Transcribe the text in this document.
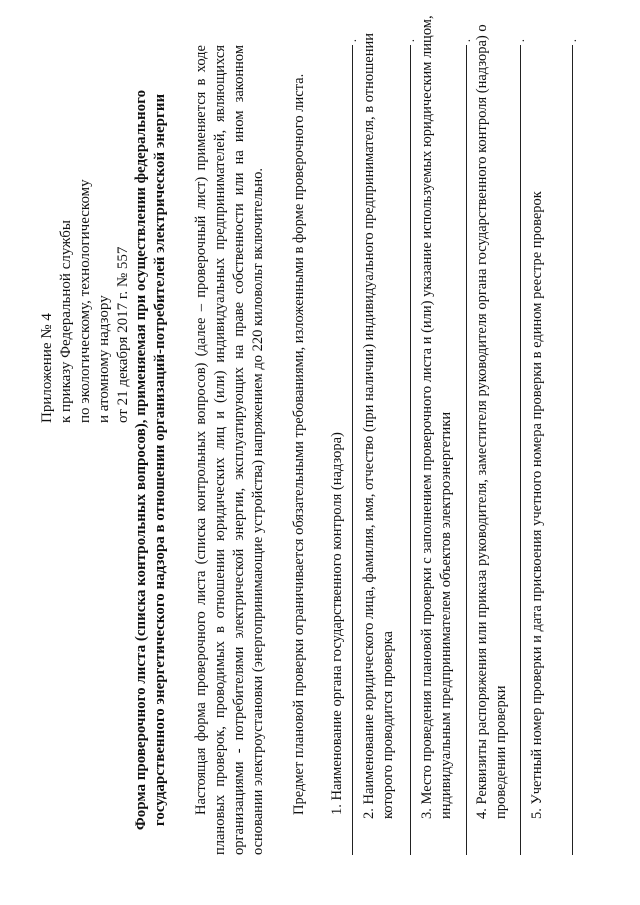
Приложение № 4 к приказу Федеральной службы по экологическому, технологическому и атомному надзору от 21 декабря 2017 г. № 557 Форма проверочного листа (списка контрольных вопросов), применяемая при осуществлении федерального государственного энергетического надзора в отношении организаций-потребителей электрической энергии Настоящая форма проверочного листа (списка контрольных вопросов) (далее – проверочный лист) применяется в ходе плановых проверок, проводимых в отношении юридических лиц и (или) индивидуальных предпринимателей, являющихся организациями - потребителями электрической энергии, эксплуатирующих на праве собственности или на ином законном основании электроустановки (энергопринимающие устройства) напряжением до 220 киловольт включительно. Предмет плановой проверки ограничивается обязательными требованиями, изложенными в форме проверочного листа. 1. Наименование органа государственного контроля (надзора)
.
2. Наименование юридического лица, фамилия, имя, отчество (при наличии) индивидуального предпринимателя, в отношении которого проводится проверка
.
3. Место проведения плановой проверки с заполнением проверочного листа и (или) указание используемых юридическим лицом, индивидуальным предпринимателем объектов электроэнергетики
.
4. Реквизиты распоряжения или приказа руководителя, заместителя руководителя органа государственного контроля (надзора) о проведении проверки
.
5. Учетный номер проверки и дата присвоения учетного номера проверки в едином реестре проверок
.
